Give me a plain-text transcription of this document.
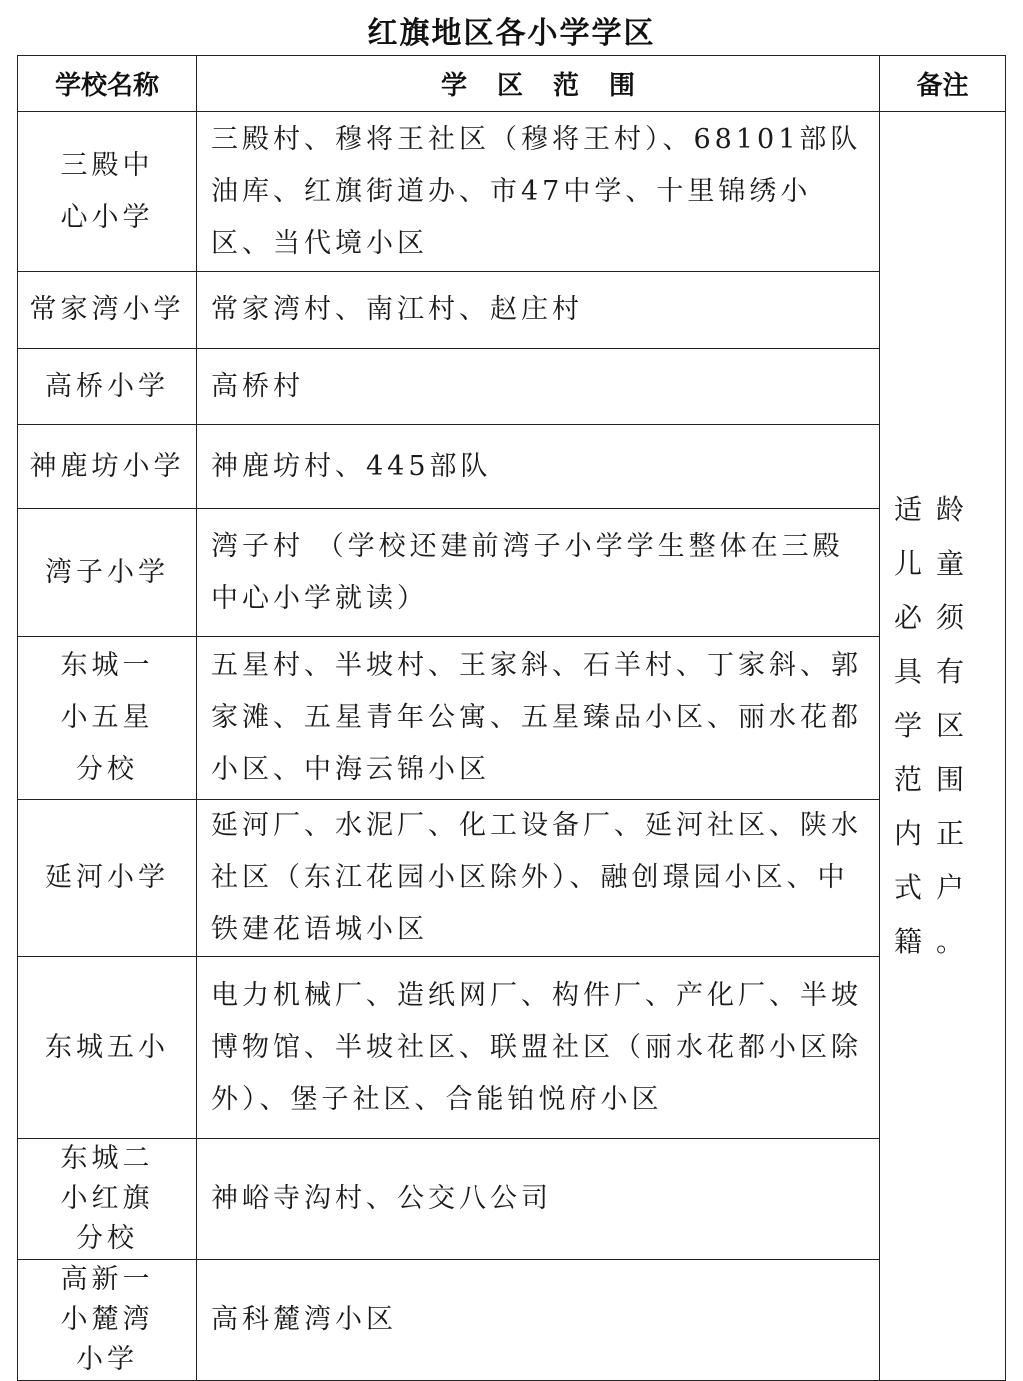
红旗地区各小学学区
学校名称	学区范围	备注
三殿中心小学	三殿村、穆将王社区（穆将王村）、68101部队油库、红旗街道办、市47中学、十里锦绣小区、当代境小区	适龄儿童必须具有学区范围内正式户籍。

常家湾小学	常家湾村、南江村、赵庄村	
高桥小学	高桥村	
神鹿坊小学	神鹿坊村、445部队	
湾子小学	湾子村 （学校还建前湾子小学学生整体在三殿中心小学就读）	
东城一小五星分校	五星村、半坡村、王家斜、石羊村、丁家斜、郭家滩、五星青年公寓、五星臻品小区、丽水花都小区、中海云锦小区	
延河小学	延河厂、水泥厂、化工设备厂、延河社区、陕水社区（东江花园小区除外）、融创璟园小区、中铁建花语城小区	
东城五小	电力机械厂、造纸网厂、构件厂、产化厂、半坡博物馆、半坡社区、联盟社区（丽水花都小区除外）、堡子社区、合能铂悦府小区	
东城二小红旗分校	神峪寺沟村、公交八公司	
高新一小麓湾小学	高科麓湾小区	
